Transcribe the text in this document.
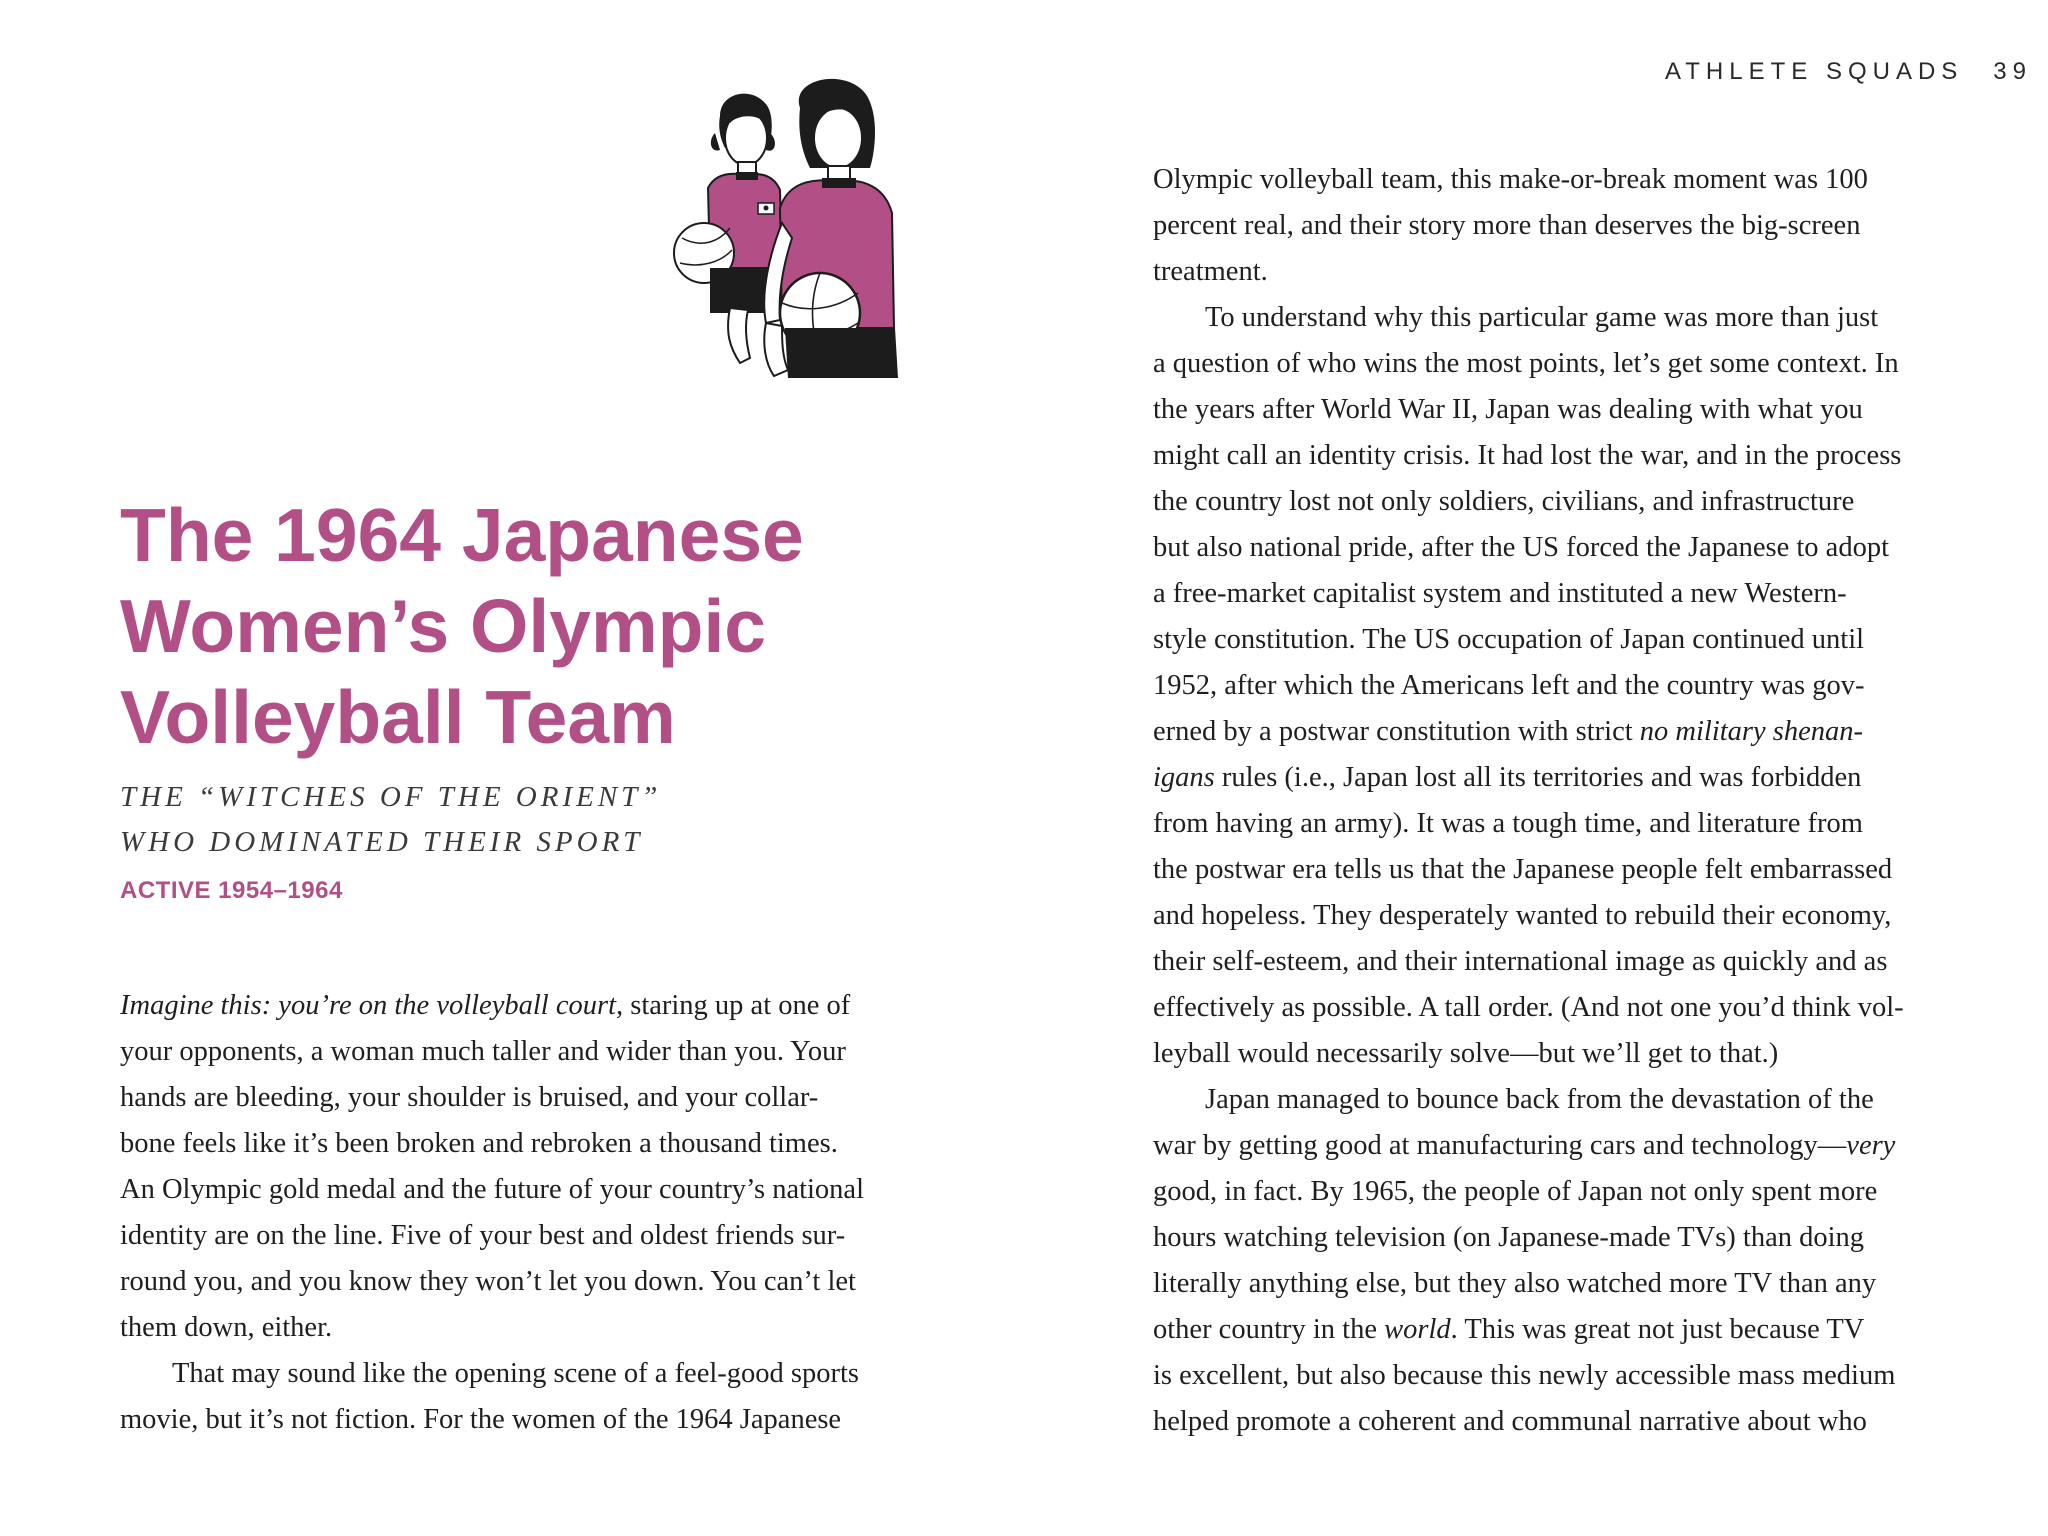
ATHLETE SQUADS 39
The 1964 Japanese
Women’s Olympic
Volleyball Team
THE “WITCHES OF THE ORIENT”
WHO DOMINATED THEIR SPORT
ACTIVE 1954–1964
Imagine this: you’re on the volleyball court, staring up at one of
your opponents, a woman much taller and wider than you. Your
hands are bleeding, your shoulder is bruised, and your collar-
bone feels like it’s been broken and rebroken a thousand times.
An Olympic gold medal and the future of your country’s national
identity are on the line. Five of your best and oldest friends sur-
round you, and you know they won’t let you down. You can’t let
them down, either.
That may sound like the opening scene of a feel-good sports
movie, but it’s not fiction. For the women of the 1964 Japanese
Olympic volleyball team, this make-or-break moment was 100
percent real, and their story more than deserves the big-screen
treatment.
To understand why this particular game was more than just
a question of who wins the most points, let’s get some context. In
the years after World War II, Japan was dealing with what you
might call an identity crisis. It had lost the war, and in the process
the country lost not only soldiers, civilians, and infrastructure
but also national pride, after the US forced the Japanese to adopt
a free-market capitalist system and instituted a new Western-
style constitution. The US occupation of Japan continued until
1952, after which the Americans left and the country was gov-
erned by a postwar constitution with strict no military shenan-
igans rules (i.e., Japan lost all its territories and was forbidden
from having an army). It was a tough time, and literature from
the postwar era tells us that the Japanese people felt embarrassed
and hopeless. They desperately wanted to rebuild their economy,
their self-esteem, and their international image as quickly and as
effectively as possible. A tall order. (And not one you’d think vol-
leyball would necessarily solve—but we’ll get to that.)
Japan managed to bounce back from the devastation of the
war by getting good at manufacturing cars and technology—very
good, in fact. By 1965, the people of Japan not only spent more
hours watching television (on Japanese-made TVs) than doing
literally anything else, but they also watched more TV than any
other country in the world. This was great not just because TV
is excellent, but also because this newly accessible mass medium
helped promote a coherent and communal narrative about who
